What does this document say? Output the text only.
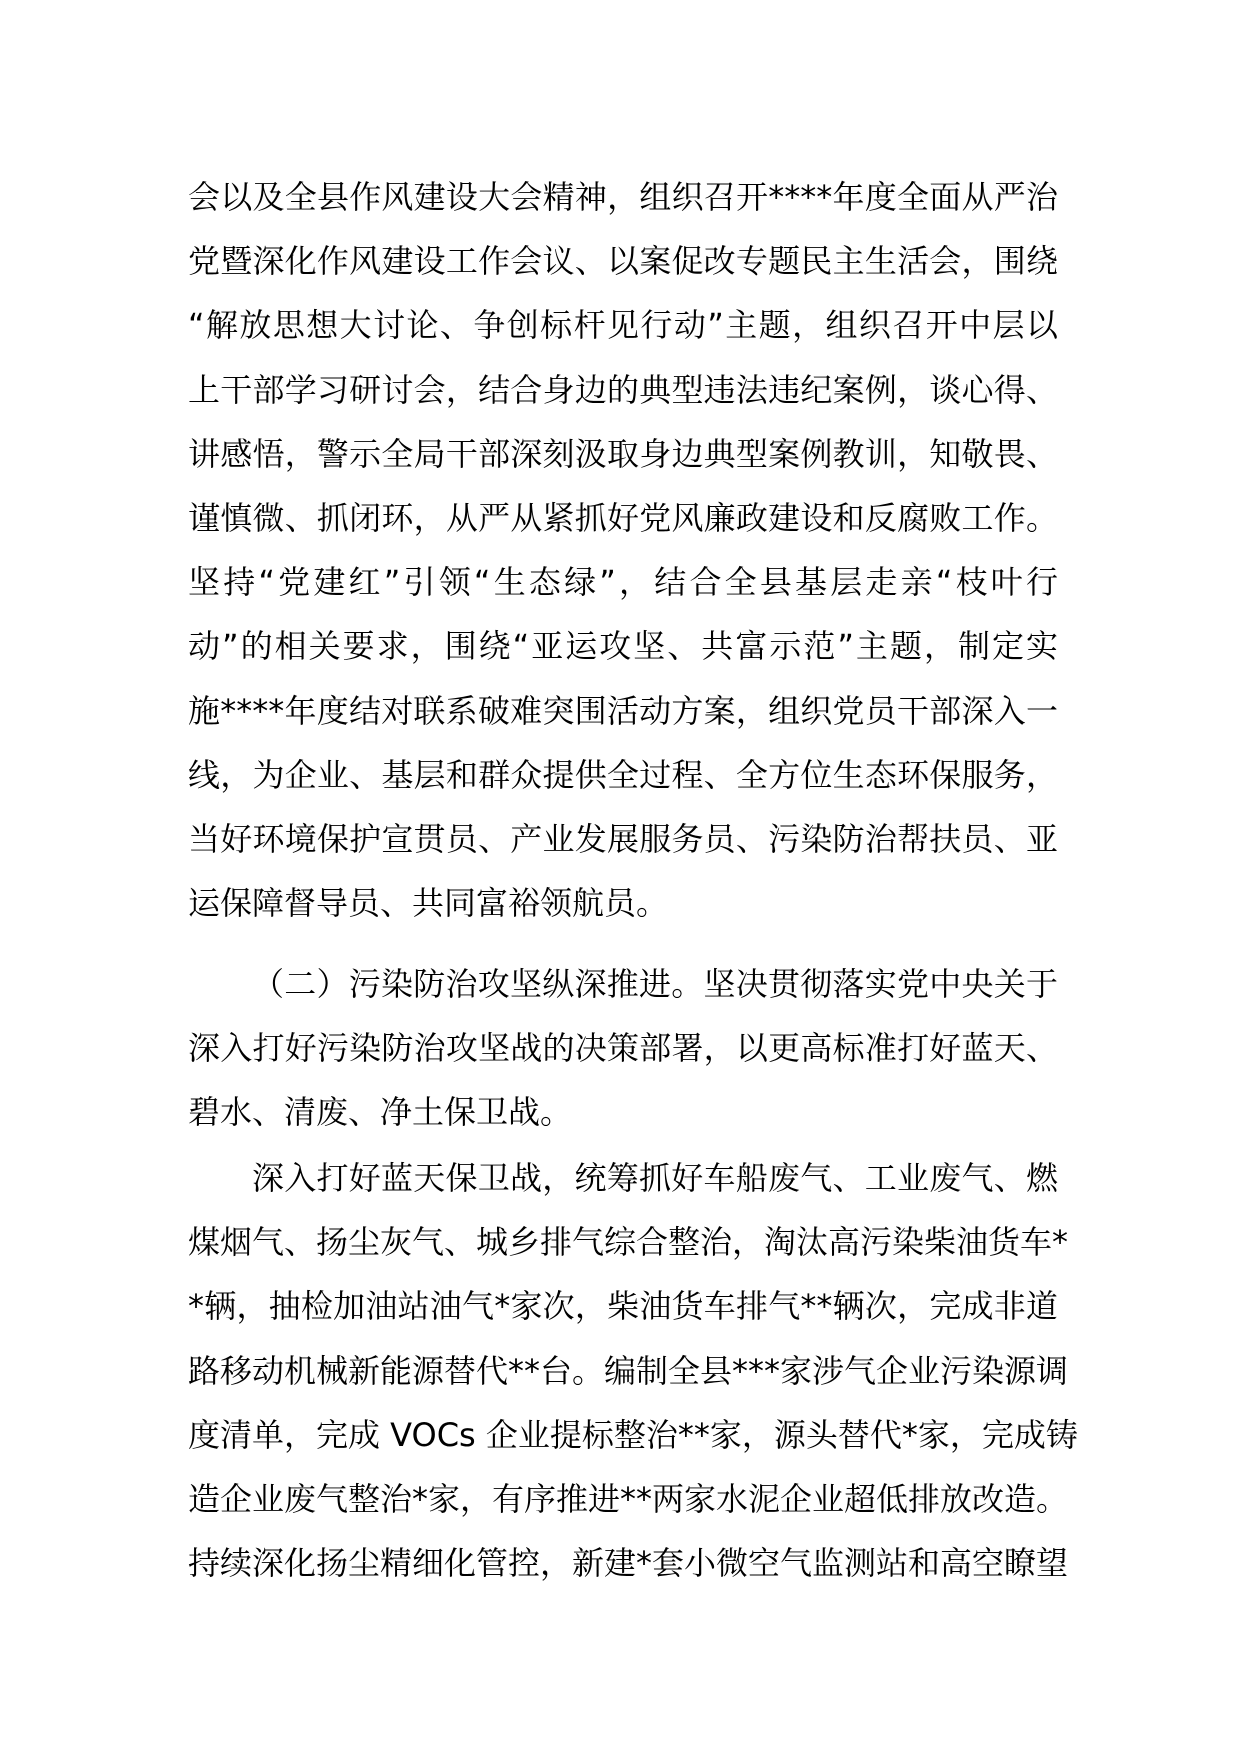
会以及全县作风建设大会精神，组织召开****年度全面从严治
党暨深化作风建设工作会议、以案促改专题民主生活会，围绕
“解放思想大讨论、争创标杆见行动”主题，组织召开中层以
上干部学习研讨会，结合身边的典型违法违纪案例，谈心得、
讲感悟，警示全局干部深刻汲取身边典型案例教训，知敬畏、
谨慎微、抓闭环，从严从紧抓好党风廉政建设和反腐败工作。
坚持“党建红”引领“生态绿”，结合全县基层走亲“枝叶行
动”的相关要求，围绕“亚运攻坚、共富示范”主题，制定实
施****年度结对联系破难突围活动方案，组织党员干部深入一
线，为企业、基层和群众提供全过程、全方位生态环保服务，
当好环境保护宣贯员、产业发展服务员、污染防治帮扶员、亚
运保障督导员、共同富裕领航员。
（二）污染防治攻坚纵深推进。坚决贯彻落实党中央关于
深入打好污染防治攻坚战的决策部署，以更高标准打好蓝天、
碧水、清废、净土保卫战。
深入打好蓝天保卫战，统筹抓好车船废气、工业废气、燃
煤烟气、扬尘灰气、城乡排气综合整治，淘汰高污染柴油货车*
*辆，抽检加油站油气*家次，柴油货车排气**辆次，完成非道
路移动机械新能源替代**台。编制全县***家涉气企业污染源调
度清单，完成 VOCs 企业提标整治**家，源头替代*家，完成铸
造企业废气整治*家，有序推进**两家水泥企业超低排放改造。
持续深化扬尘精细化管控，新建*套小微空气监测站和高空瞭望
